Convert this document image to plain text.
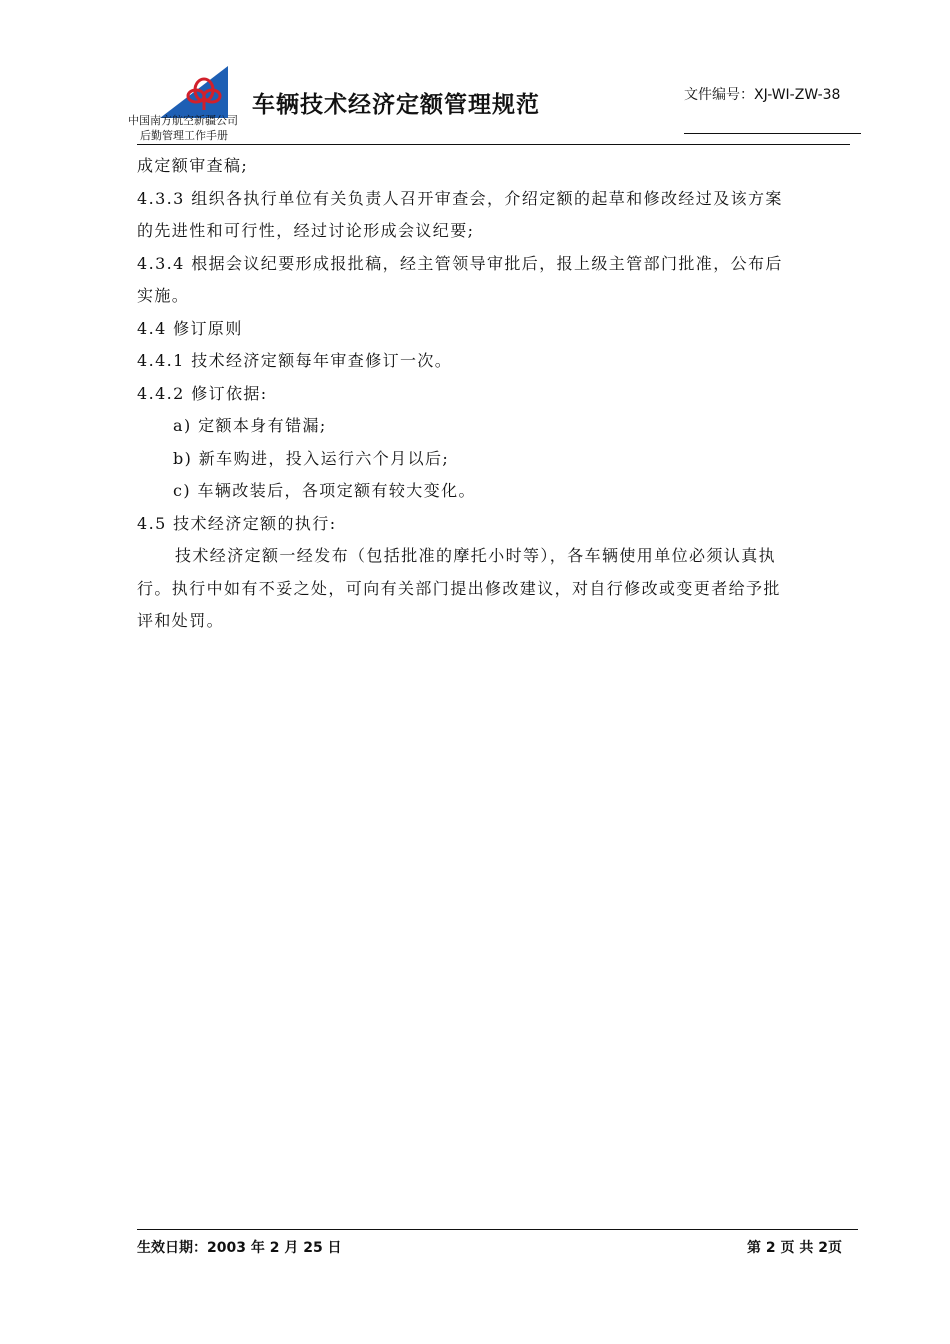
中国南方航空新疆公司
后勤管理工作手册
车辆技术经济定额管理规范	文件编号：XJ-WI-ZW-38

成定额审查稿;

4.3.3 组织各执行单位有关负责人召开审查会，介绍定额的起草和修改经过及该方案

的先进性和可行性，经过讨论形成会议纪要;

4.3.4 根据会议纪要形成报批稿，经主管领导审批后，报上级主管部门批准，公布后

实施。

4.4 修订原则

4.4.1 技术经济定额每年审查修订一次。

4.4.2 修订依据:

a) 定额本身有错漏;

b) 新车购进，投入运行六个月以后;

c) 车辆改装后，各项定额有较大变化。

4.5 技术经济定额的执行:

技术经济定额一经发布（包括批准的摩托小时等），各车辆使用单位必须认真执

行。执行中如有不妥之处，可向有关部门提出修改建议，对自行修改或变更者给予批

评和处罚。

生效日期：2003 年 2 月 25 日	第 2 页 共 2页
